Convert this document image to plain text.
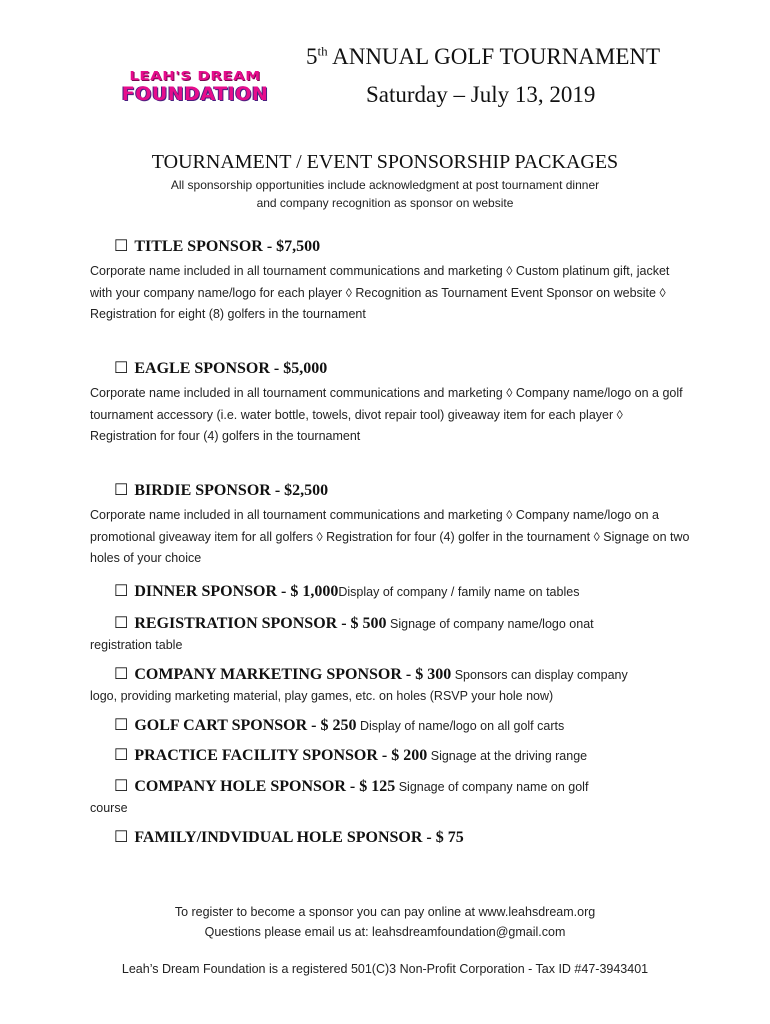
LEAH'S DREAM
FOUNDATION
5th ANNUAL GOLF TOURNAMENT
Saturday – July 13, 2019
TOURNAMENT / EVENT SPONSORSHIP PACKAGES
All sponsorship opportunities include acknowledgment at post tournament dinner
and company recognition as sponsor on website
☐ TITLE SPONSOR - $7,500
Corporate name included in all tournament communications and marketing ◊ Custom platinum gift, jacket with your company name/logo for each player ◊ Recognition as Tournament Event Sponsor on website ◊ Registration for eight (8) golfers in the tournament
☐ EAGLE SPONSOR - $5,000
Corporate name included in all tournament communications and marketing ◊ Company name/logo on a golf tournament accessory (i.e. water bottle, towels, divot repair tool) giveaway item for each player ◊ Registration for four (4) golfers in the tournament
☐ BIRDIE SPONSOR - $2,500
Corporate name included in all tournament communications and marketing ◊ Company name/logo on a promotional giveaway item for all golfers ◊ Registration for four (4) golfer in the tournament ◊ Signage on two holes of your choice
☐ DINNER SPONSOR - $ 1,000Display of company / family name on tables
☐ REGISTRATION SPONSOR - $ 500 Signage of company name/logo onat
registration table
☐ COMPANY MARKETING SPONSOR - $ 300 Sponsors can display company
logo, providing marketing material, play games, etc. on holes (RSVP your hole now)
☐ GOLF CART SPONSOR - $ 250 Display of name/logo on all golf carts
☐ PRACTICE FACILITY SPONSOR - $ 200 Signage at the driving range
☐ COMPANY HOLE SPONSOR - $ 125 Signage of company name on golf
course
☐ FAMILY/INDVIDUAL HOLE SPONSOR - $ 75
To register to become a sponsor you can pay online at www.leahsdream.org
Questions please email us at: leahsdreamfoundation@gmail.com
Leah’s Dream Foundation is a registered 501(C)3 Non-Profit Corporation - Tax ID #47-3943401
